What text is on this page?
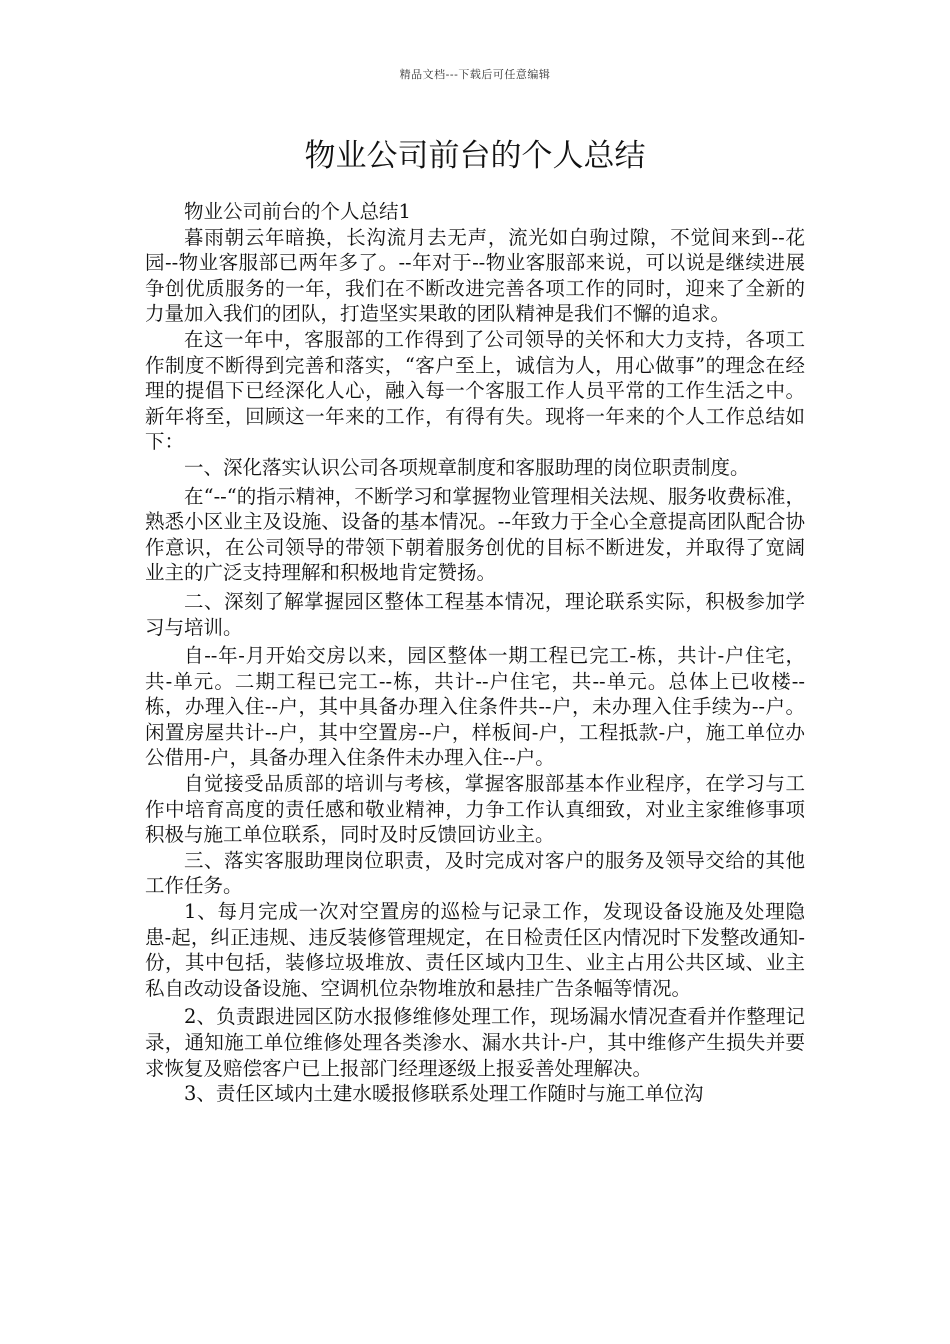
精品文档---下载后可任意编辑
物业公司前台的个人总结

物业公司前台的个人总结1

暮雨朝云年暗换，长沟流月去无声，流光如白驹过隙，不觉间来到--花园--物业客服部已两年多了。--年对于--物业客服部来说，可以说是继续进展争创优质服务的一年，我们在不断改进完善各项工作的同时，迎来了全新的力量加入我们的团队，打造坚实果敢的团队精神是我们不懈的追求。

在这一年中，客服部的工作得到了公司领导的关怀和大力支持，各项工作制度不断得到完善和落实，“客户至上，诚信为人，用心做事”的理念在经理的提倡下已经深化人心，融入每一个客服工作人员平常的工作生活之中。新年将至，回顾这一年来的工作，有得有失。现将一年来的个人工作总结如下：

一、深化落实认识公司各项规章制度和客服助理的岗位职责制度。

在“--“的指示精神，不断学习和掌握物业管理相关法规、服务收费标准，熟悉小区业主及设施、设备的基本情况。--年致力于全心全意提高团队配合协作意识，在公司领导的带领下朝着服务创优的目标不断进发，并取得了宽阔业主的广泛支持理解和积极地肯定赞扬。

二、深刻了解掌握园区整体工程基本情况，理论联系实际，积极参加学习与培训。

自--年-月开始交房以来，园区整体一期工程已完工-栋，共计-户住宅，共-单元。二期工程已完工--栋，共计--户住宅，共--单元。总体上已收楼--栋，办理入住--户，其中具备办理入住条件共--户，未办理入住手续为--户。闲置房屋共计--户，其中空置房--户，样板间-户，工程抵款-户，施工单位办公借用-户，具备办理入住条件未办理入住--户。

自觉接受品质部的培训与考核，掌握客服部基本作业程序，在学习与工作中培育高度的责任感和敬业精神，力争工作认真细致，对业主家维修事项积极与施工单位联系，同时及时反馈回访业主。

三、落实客服助理岗位职责，及时完成对客户的服务及领导交给的其他工作任务。

1、每月完成一次对空置房的巡检与记录工作，发现设备设施及处理隐患-起，纠正违规、违反装修管理规定，在日检责任区内情况时下发整改通知-份，其中包括，装修垃圾堆放、责任区域内卫生、业主占用公共区域、业主私自改动设备设施、空调机位杂物堆放和悬挂广告条幅等情况。

2、负责跟进园区防水报修维修处理工作，现场漏水情况查看并作整理记录，通知施工单位维修处理各类渗水、漏水共计-户，其中维修产生损失并要求恢复及赔偿客户已上报部门经理逐级上报妥善处理解决。

3、责任区域内土建水暖报修联系处理工作随时与施工单位沟
